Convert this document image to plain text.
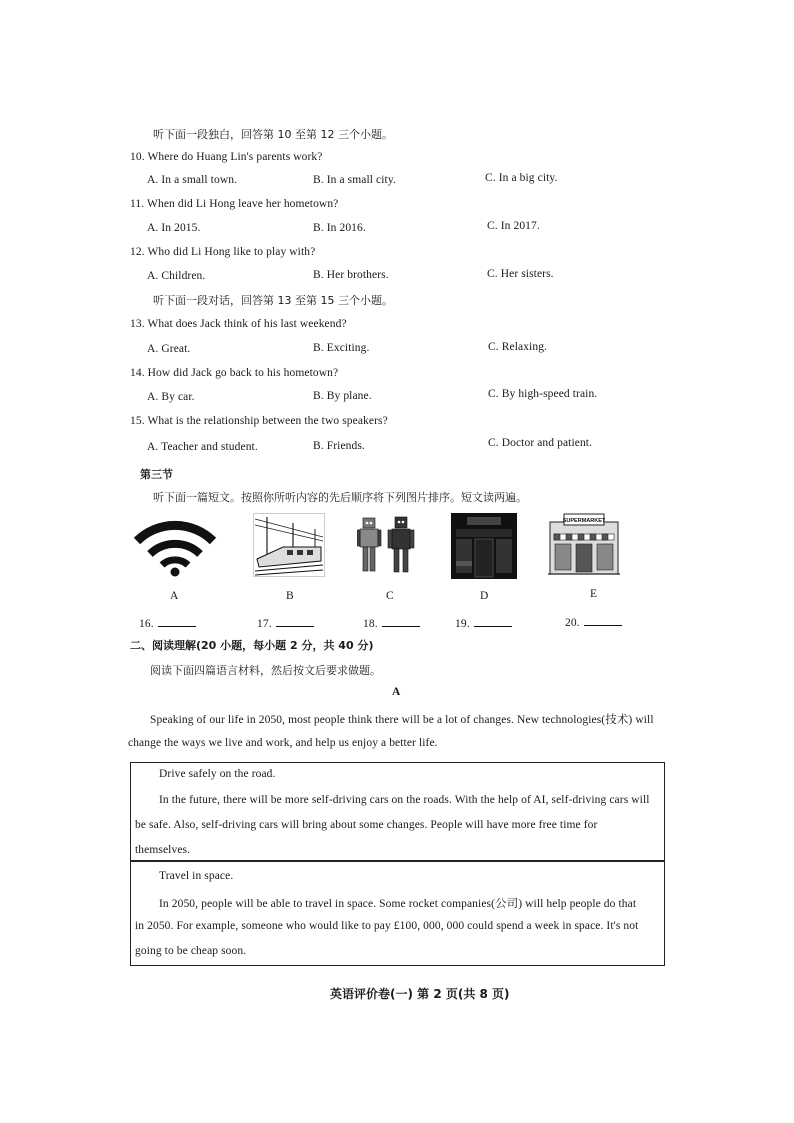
听下面一段独白，回答第 10 至第 12 三个小题。
10. Where do Huang Lin's parents work?
A. In a small town.	B. In a small city.	C. In a big city.
11. When did Li Hong leave her hometown?
A. In 2015.	B. In 2016.	C. In 2017.
12. Who did Li Hong like to play with?
A. Children.	B. Her brothers.	C. Her sisters.
听下面一段对话，回答第 13 至第 15 三个小题。
13. What does Jack think of his last weekend?
A. Great.	B. Exciting.	C. Relaxing.
14. How did Jack go back to his hometown?
A. By car.	B. By plane.	C. By high-speed train.
15. What is the relationship between the two speakers?
A. Teacher and student.	B. Friends.	C. Doctor and patient.
第三节
听下面一篇短文。按照你所听内容的先后顺序将下列图片排序。短文读两遍。
SUPERMARKET
A	B	C	D	E
16.	17.	18.	19.	20.
二、阅读理解(20 小题，每小题 2 分，共 40 分)
阅读下面四篇语言材料，然后按文后要求做题。
A
Speaking of our life in 2050, most people think there will be a lot of changes. New technologies(技术) will
change the ways we live and work, and help us enjoy a better life.
Drive safely on the road.
In the future, there will be more self-driving cars on the roads. With the help of AI, self-driving cars will
be safe. Also, self-driving cars will bring about some changes. People will have more free time for
themselves.
Travel in space.
In 2050, people will be able to travel in space. Some rocket companies(公司) will help people do that
in 2050. For example, someone who would like to pay £100, 000, 000 could spend a week in space. It's not
going to be cheap soon.
英语评价卷(一) 第 2 页(共 8 页)
